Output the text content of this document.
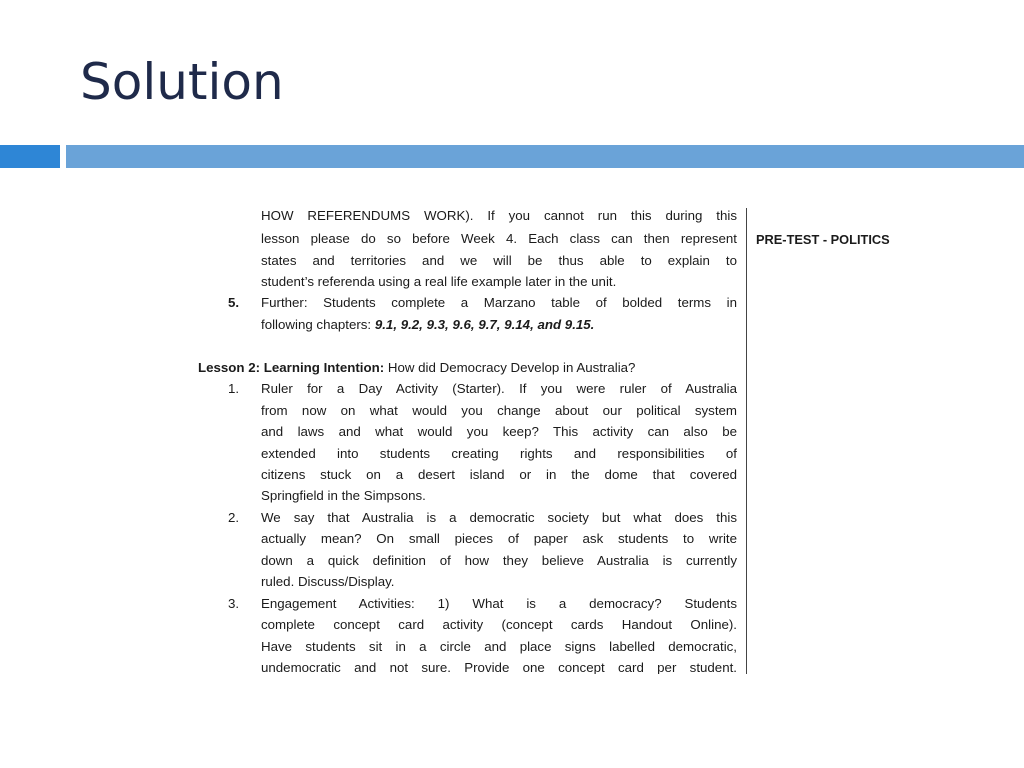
Solution
PRE-TEST - POLITICS
HOW REFERENDUMS WORK). If you cannot run this during this
lesson please do so before Week 4. Each class can then represent
states and territories and we will be thus able to explain to
student’s referenda using a real life example later in the unit.
5.	Further: Students complete a Marzano table of bolded terms in
following chapters: 9.1, 9.2, 9.3, 9.6, 9.7, 9.14, and 9.15.
Lesson 2: Learning Intention: How did Democracy Develop in Australia?
1.	Ruler for a Day Activity (Starter). If you were ruler of Australia
from now on what would you change about our political system
and laws and what would you keep? This activity can also be
extended into students creating rights and responsibilities of
citizens stuck on a desert island or in the dome that covered
Springfield in the Simpsons.
2.	We say that Australia is a democratic society but what does this
actually mean? On small pieces of paper ask students to write
down a quick definition of how they believe Australia is currently
ruled. Discuss/Display.
3.	Engagement Activities: 1) What is a democracy? Students
complete concept card activity (concept cards Handout Online).
Have students sit in a circle and place signs labelled democratic,
undemocratic and not sure. Provide one concept card per student.
